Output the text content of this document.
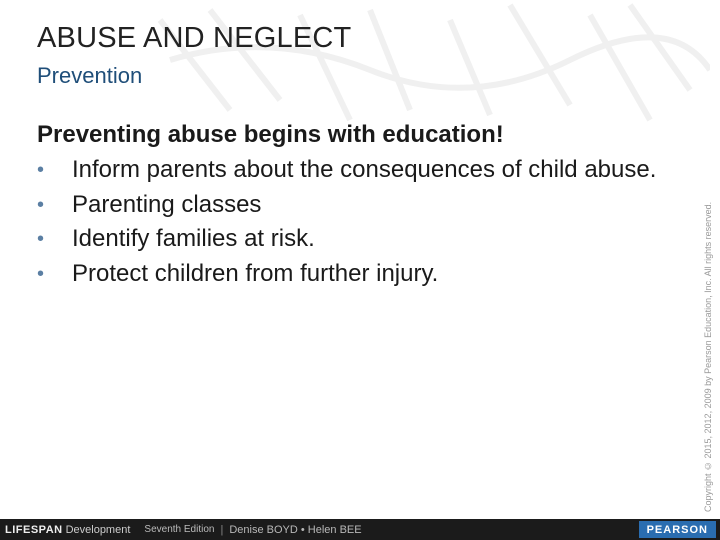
ABUSE AND NEGLECT
Prevention

Preventing abuse begins with education!

•	Inform parents about the consequences of child abuse.
•	Parenting classes
•	Identify families at risk.
•	Protect children from further injury.	Copyright © 2015, 2012, 2009 by Pearson Education, Inc. All rights reserved.
LIFESPAN Development Seventh Edition | Denise BOYD • Helen BEE	PEARSON
